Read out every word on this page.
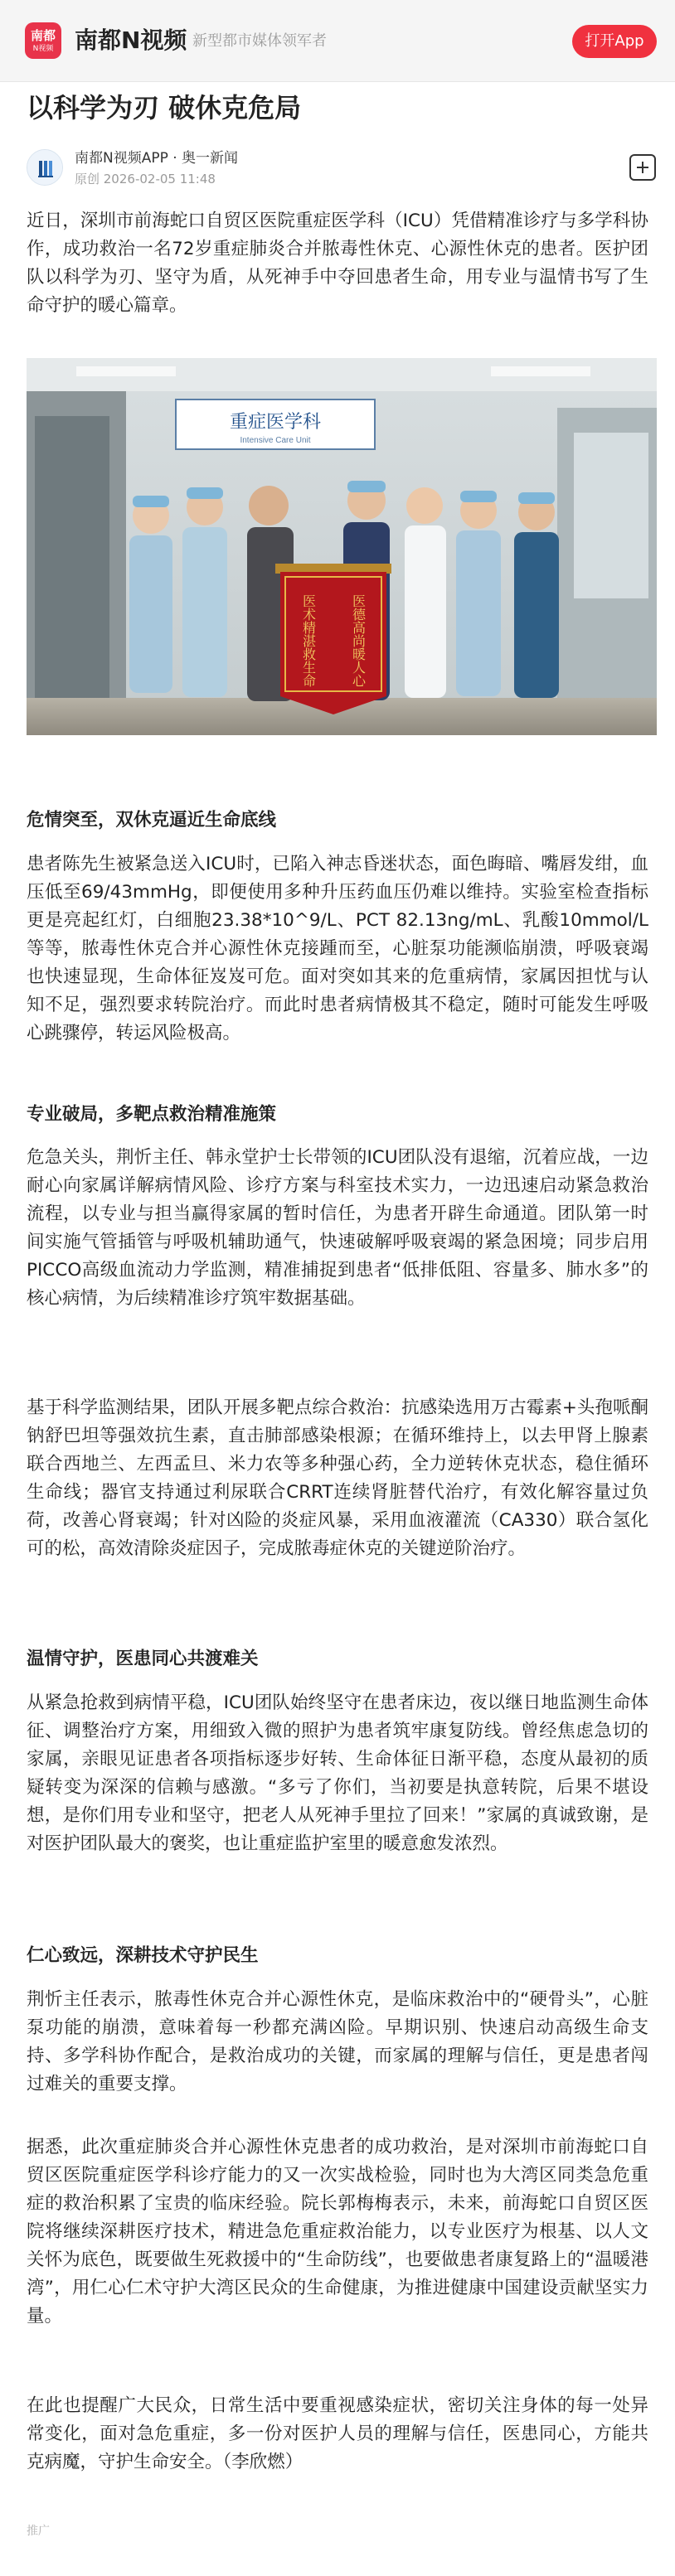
南都
N视频 南都N视频 新型都市媒体领军者	打开App
以科学为刃 破休克危局
南都N视频APP · 奥一新闻
原创 2026-02-05 11:48

近日，深圳市前海蛇口自贸区医院重症医学科（ICU）凭借精准诊疗与多学科协作，成功救治一名72岁重症肺炎合并脓毒性休克、心源性休克的患者。医护团队以科学为刃、坚守为盾，从死神手中夺回患者生命，用专业与温情书写了生命守护的暖心篇章。

重症医学科
Intensive Care Unit
医术精湛救生命	医德高尚暖人心
危情突至，双休克逼近生命底线

患者陈先生被紧急送入ICU时，已陷入神志昏迷状态，面色晦暗、嘴唇发绀，血压低至69/43mmHg，即便使用多种升压药血压仍难以维持。实验室检查指标更是亮起红灯，白细胞23.38*10^9/L、PCT 82.13ng/mL、乳酸10mmol/L等等，脓毒性休克合并心源性休克接踵而至，心脏泵功能濒临崩溃，呼吸衰竭也快速显现，生命体征岌岌可危。面对突如其来的危重病情，家属因担忧与认知不足，强烈要求转院治疗。而此时患者病情极其不稳定，随时可能发生呼吸心跳骤停，转运风险极高。

专业破局，多靶点救治精准施策

危急关头，荆忻主任、韩永堂护士长带领的ICU团队没有退缩，沉着应战，一边耐心向家属详解病情风险、诊疗方案与科室技术实力，一边迅速启动紧急救治流程，以专业与担当赢得家属的暂时信任，为患者开辟生命通道。团队第一时间实施气管插管与呼吸机辅助通气，快速破解呼吸衰竭的紧急困境；同步启用PICCO高级血流动力学监测，精准捕捉到患者“低排低阻、容量多、肺水多”的核心病情，为后续精准诊疗筑牢数据基础。

基于科学监测结果，团队开展多靶点综合救治：抗感染选用万古霉素+头孢哌酮钠舒巴坦等强效抗生素，直击肺部感染根源；在循环维持上，以去甲肾上腺素联合西地兰、左西孟旦、米力农等多种强心药，全力逆转休克状态，稳住循环生命线；器官支持通过利尿联合CRRT连续肾脏替代治疗，有效化解容量过负荷，改善心肾衰竭；针对凶险的炎症风暴，采用血液灌流（CA330）联合氢化可的松，高效清除炎症因子，完成脓毒症休克的关键逆阶治疗。

温情守护，医患同心共渡难关

从紧急抢救到病情平稳，ICU团队始终坚守在患者床边，夜以继日地监测生命体征、调整治疗方案，用细致入微的照护为患者筑牢康复防线。曾经焦虑急切的家属，亲眼见证患者各项指标逐步好转、生命体征日渐平稳，态度从最初的质疑转变为深深的信赖与感激。“多亏了你们，当初要是执意转院，后果不堪设想，是你们用专业和坚守，把老人从死神手里拉了回来！”家属的真诚致谢，是对医护团队最大的褒奖，也让重症监护室里的暖意愈发浓烈。

仁心致远，深耕技术守护民生

荆忻主任表示，脓毒性休克合并心源性休克，是临床救治中的“硬骨头”，心脏泵功能的崩溃，意味着每一秒都充满凶险。早期识别、快速启动高级生命支持、多学科协作配合，是救治成功的关键，而家属的理解与信任，更是患者闯过难关的重要支撑。

据悉，此次重症肺炎合并心源性休克患者的成功救治，是对深圳市前海蛇口自贸区医院重症医学科诊疗能力的又一次实战检验，同时也为大湾区同类急危重症的救治积累了宝贵的临床经验。院长郭梅梅表示，未来，前海蛇口自贸区医院将继续深耕医疗技术，精进急危重症救治能力，以专业医疗为根基、以人文关怀为底色，既要做生死救援中的“生命防线”，也要做患者康复路上的“温暖港湾”，用仁心仁术守护大湾区民众的生命健康，为推进健康中国建设贡献坚实力量。

在此也提醒广大民众，日常生活中要重视感染症状，密切关注身体的每一处异常变化，面对急危重症，多一份对医护人员的理解与信任，医患同心，方能共克病魔，守护生命安全。（李欣燃）

推广
